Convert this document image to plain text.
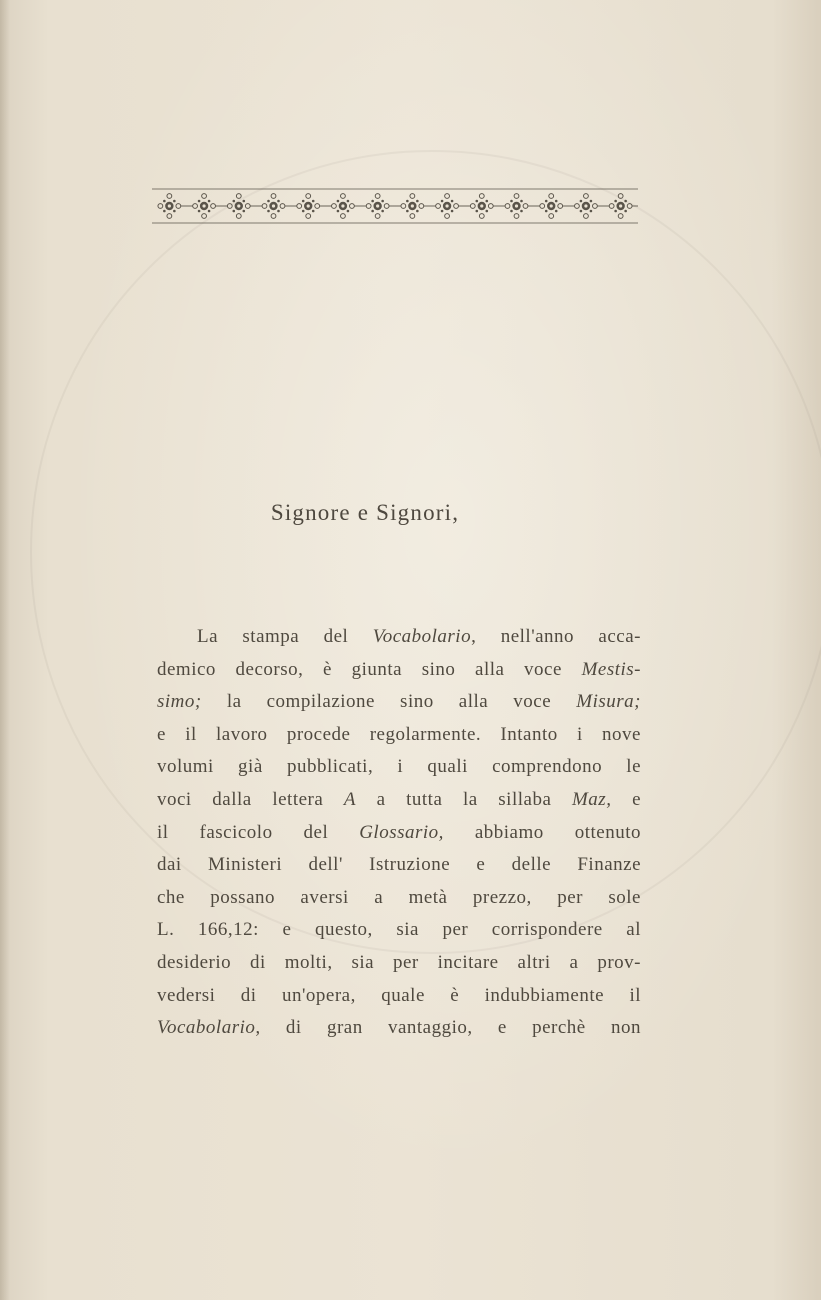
Signore e Signori,
La stampa del Vocabolario, nell'anno acca-
demico decorso, è giunta sino alla voce Mestis-
simo; la compilazione sino alla voce Misura;
e il lavoro procede regolarmente. Intanto i nove
volumi già pubblicati, i quali comprendono le
voci dalla lettera A a tutta la sillaba Maz, e
il fascicolo del Glossario, abbiamo ottenuto
dai Ministeri dell' Istruzione e delle Finanze
che possano aversi a metà prezzo, per sole
L. 166,12: e questo, sia per corrispondere al
desiderio di molti, sia per incitare altri a prov-
vedersi di un'opera, quale è indubbiamente il
Vocabolario, di gran vantaggio, e perchè non
